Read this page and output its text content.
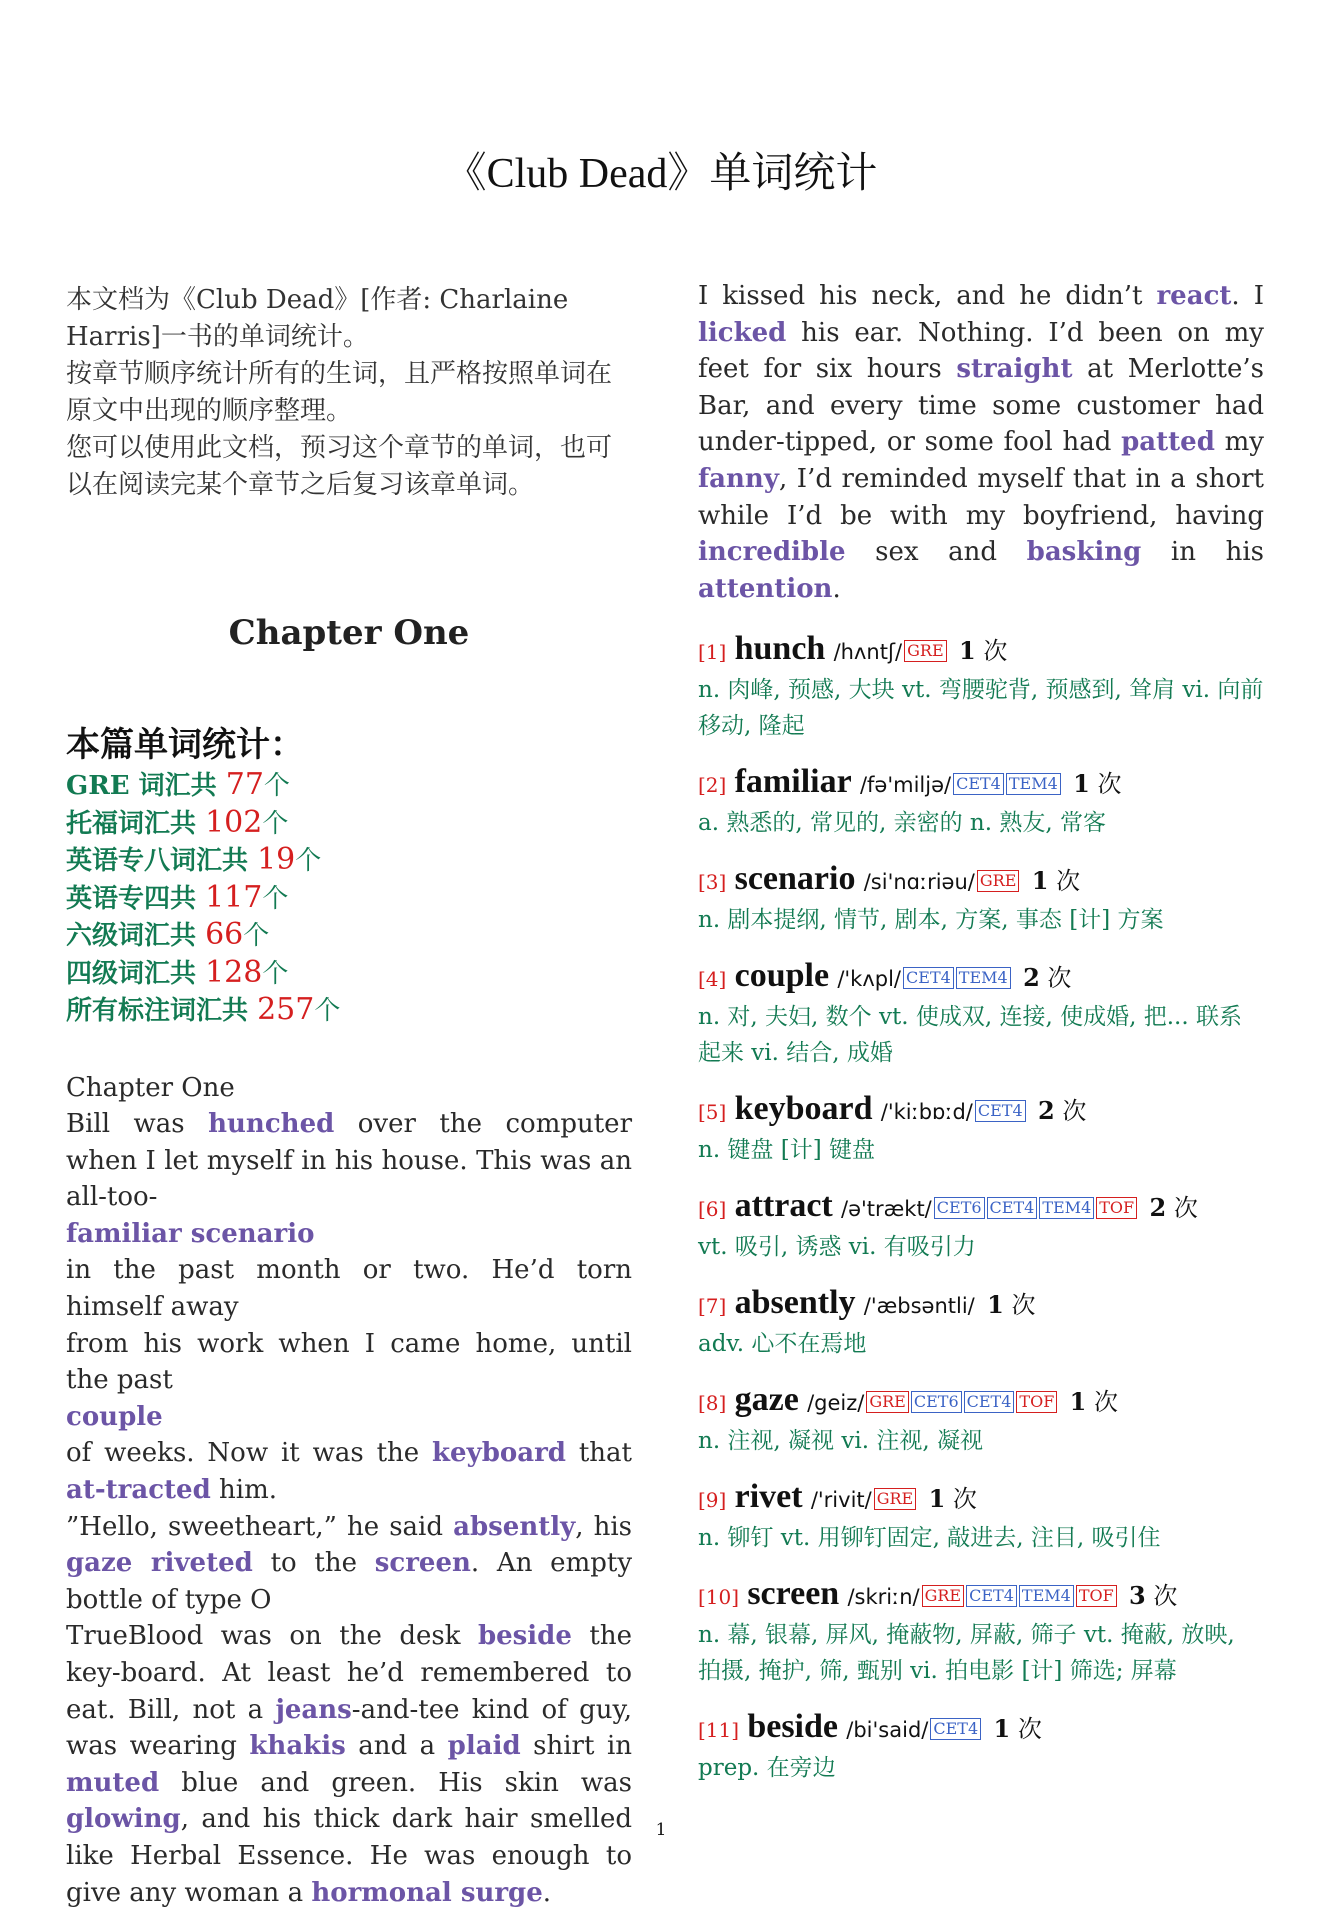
《Club Dead》单词统计

本文档为《Club Dead》[作者: Charlaine Harris]一书的单词统计。

按章节顺序统计所有的生词，且严格按照单词在原文中出现的顺序整理。

您可以使用此文档，预习这个章节的单词，也可以在阅读完某个章节之后复习该章单词。

Chapter One
本篇单词统计：
GRE 词汇共 77个
托福词汇共 102个
英语专八词汇共 19个
英语专四共 117个
六级词汇共 66个
四级词汇共 128个
所有标注词汇共 257个

Chapter One

Bill was hunched over the computer when I let myself in his house. This was an all-too-

familiar scenario

in the past month or two. He’d torn himself away

from his work when I came home, until the past

couple

of weeks. Now it was the keyboard that at-tracted him.

”Hello, sweetheart,” he said absently, his gaze riveted to the screen. An empty bottle of type O

TrueBlood was on the desk beside the key-board. At least he’d remembered to eat. Bill, not a jeans-and-tee kind of guy, was wearing khakis and a plaid shirt in muted blue and green. His skin was glowing, and his thick dark hair smelled like Herbal Essence. He was enough to give any woman a hormonal surge.

I kissed his neck, and he didn’t react. I licked his ear. Nothing. I’d been on my feet for six hours straight at Merlotte’s Bar, and every time some customer had under-tipped, or some fool had patted my fanny, I’d reminded myself that in a short while I’d be with my boyfriend, having incredible sex and basking in his attention.

[1] hunch /hʌntʃ/ GRE 1 次
n. 肉峰, 预感, 大块 vt. 弯腰驼背, 预感到, 耸肩 vi. 向前移动, 隆起
[2] familiar /fə'miljə/ CET4 TEM4 1 次
a. 熟悉的, 常见的, 亲密的 n. 熟友, 常客
[3] scenario /si'nɑːriəu/ GRE 1 次
n. 剧本提纲, 情节, 剧本, 方案, 事态 [计] 方案
[4] couple /'kʌpl/ CET4 TEM4 2 次
n. 对, 夫妇, 数个 vt. 使成双, 连接, 使成婚, 把... 联系起来 vi. 结合, 成婚
[5] keyboard /'kiːbɒːd/ CET4 2 次
n. 键盘 [计] 键盘
[6] attract /ə'trækt/ CET6 CET4 TEM4 TOF 2 次
vt. 吸引, 诱惑 vi. 有吸引力
[7] absently /'æbsəntli/ 1 次
adv. 心不在焉地
[8] gaze /geiz/ GRE CET6 CET4 TOF 1 次
n. 注视, 凝视 vi. 注视, 凝视
[9] rivet /'rivit/ GRE 1 次
n. 铆钉 vt. 用铆钉固定, 敲进去, 注目, 吸引住
[10] screen /skriːn/ GRE CET4 TEM4 TOF 3 次
n. 幕, 银幕, 屏风, 掩蔽物, 屏蔽, 筛子 vt. 掩蔽, 放映, 拍摄, 掩护, 筛, 甄别 vi. 拍电影 [计] 筛选; 屏幕
[11] beside /bi'said/ CET4 1 次
prep. 在旁边
1
